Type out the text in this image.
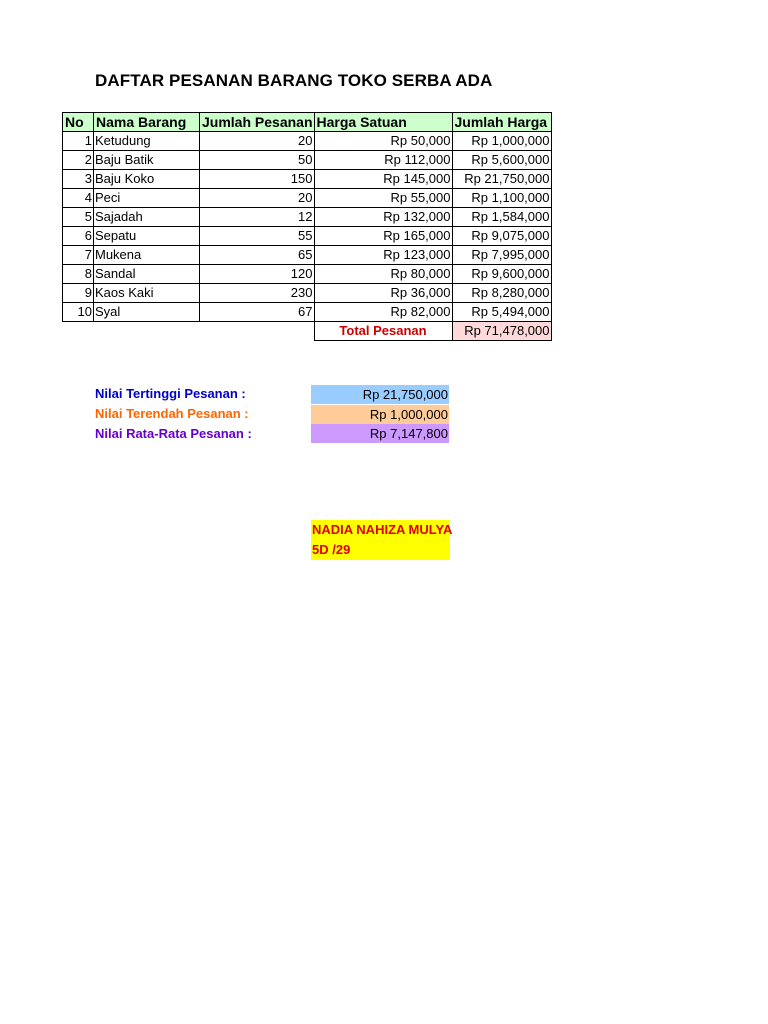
DAFTAR PESANAN BARANG TOKO SERBA ADA
No	Nama Barang	Jumlah Pesanan	Harga Satuan	Jumlah Harga
1	Ketudung	20	Rp 50,000	Rp 1,000,000
2	Baju Batik	50	Rp 112,000	Rp 5,600,000
3	Baju Koko	150	Rp 145,000	Rp 21,750,000
4	Peci	20	Rp 55,000	Rp 1,100,000
5	Sajadah	12	Rp 132,000	Rp 1,584,000
6	Sepatu	55	Rp 165,000	Rp 9,075,000
7	Mukena	65	Rp 123,000	Rp 7,995,000
8	Sandal	120	Rp 80,000	Rp 9,600,000
9	Kaos Kaki	230	Rp 36,000	Rp 8,280,000
10	Syal	67	Rp 82,000	Rp 5,494,000
			Total Pesanan	Rp 71,478,000
Nilai Tertinggi Pesanan :	Rp 21,750,000
Nilai Terendah Pesanan :	Rp 1,000,000
Nilai Rata-Rata Pesanan :	Rp 7,147,800
NADIA NAHIZA MULYA
5D /29
